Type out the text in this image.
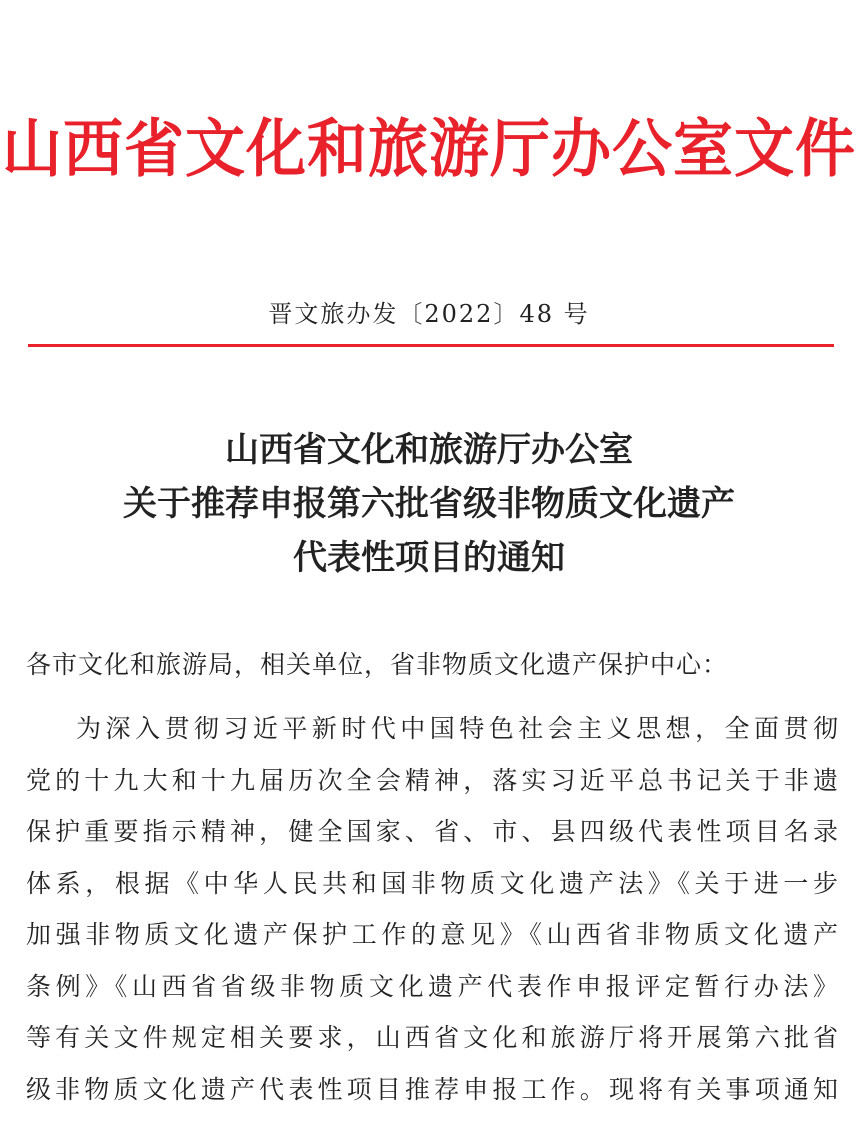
山西省文化和旅游厅办公室文件
晋文旅办发〔2022〕48 号
山西省文化和旅游厅办公室
关于推荐申报第六批省级非物质文化遗产
代表性项目的通知
各市文化和旅游局，相关单位，省非物质文化遗产保护中心：
为深入贯彻习近平新时代中国特色社会主义思想，全面贯彻
党的十九大和十九届历次全会精神，落实习近平总书记关于非遗
保护重要指示精神，健全国家、省、市、县四级代表性项目名录
体系，根据《中华人民共和国非物质文化遗产法》《关于进一步
加强非物质文化遗产保护工作的意见》《山西省非物质文化遗产
条例》《山西省省级非物质文化遗产代表作申报评定暂行办法》
等有关文件规定相关要求，山西省文化和旅游厅将开展第六批省
级非物质文化遗产代表性项目推荐申报工作。现将有关事项通知
